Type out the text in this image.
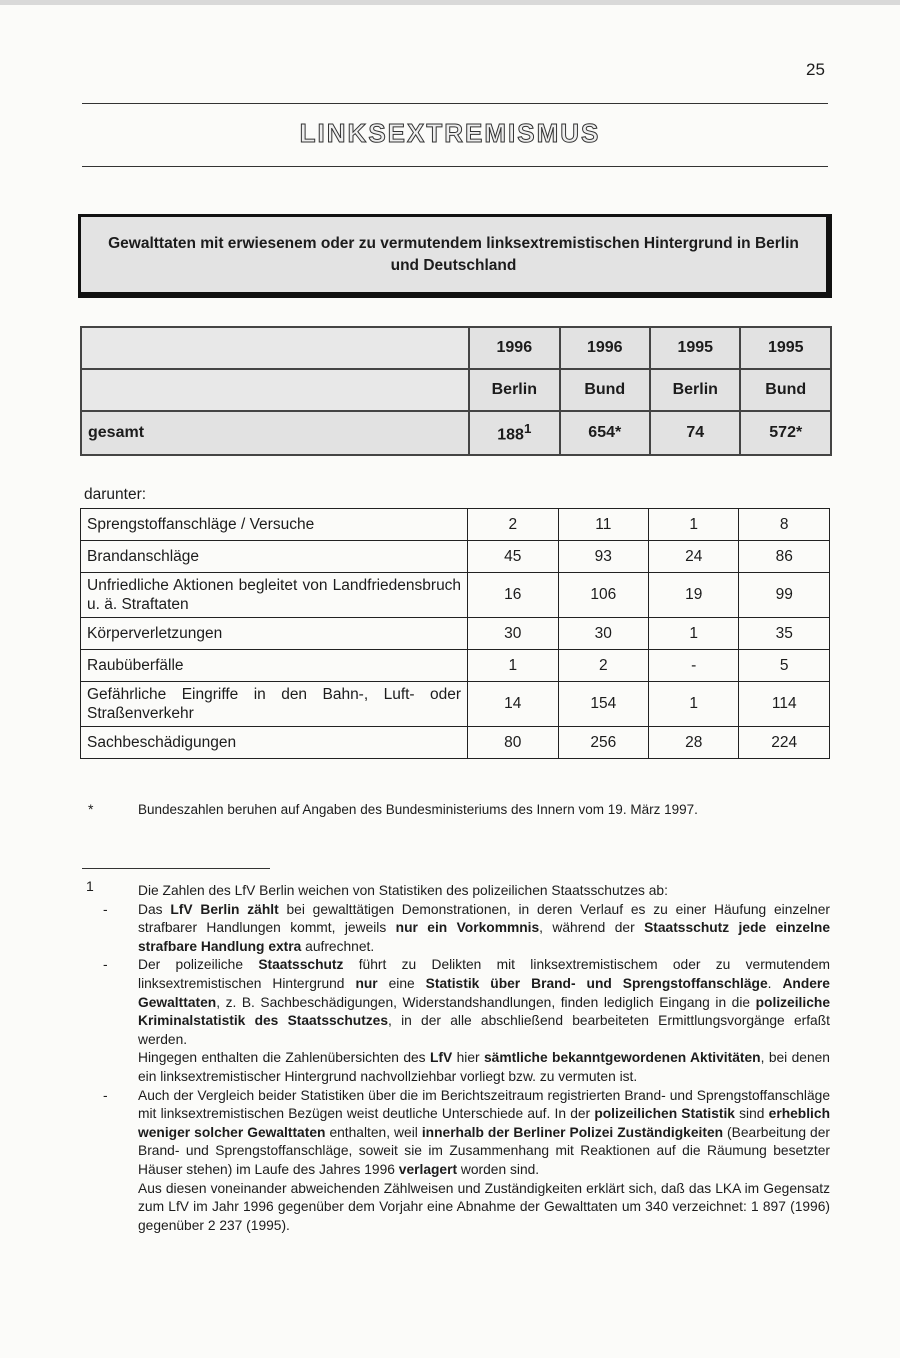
25
LINKSEXTREMISMUS
Gewalttaten mit erwiesenem oder zu vermutendem linksextremistischen Hintergrund in Berlin und Deutschland
	1996	1996	1995	1995
	Berlin	Bund	Berlin	Bund
gesamt	$188^1$	654*	74	572*
darunter:
Sprengstoffanschläge / Versuche	2	11	1	8
Brandanschläge	45	93	24	86
Unfriedliche Aktionen begleitet von Landfriedensbruch u. ä. Straftaten	16	106	19	99
Körperverletzungen	30	30	1	35
Raubüberfälle	1	2	-	5
Gefährliche Eingriffe in den Bahn-, Luft- oder Straßenverkehr	14	154	1	114
Sachbeschädigungen	80	256	28	224
*	Bundeszahlen beruhen auf Angaben des Bundesministeriums des Innern vom 19. März 1997.
1	Die Zahlen des LfV Berlin weichen von Statistiken des polizeilichen Staatsschutzes ab:

- Das LfV Berlin zählt bei gewalttätigen Demonstrationen, in deren Verlauf es zu einer Häufung einzelner strafbarer Handlungen kommt, jeweils nur ein Vorkommnis, während der Staatsschutz jede einzelne strafbare Handlung extra aufrechnet.

- Der polizeiliche Staatsschutz führt zu Delikten mit linksextremistischem oder zu vermutendem linksextremistischen Hintergrund nur eine Statistik über Brand- und Sprengstoffanschläge. Andere Gewalttaten, z. B. Sachbeschädigungen, Widerstandshandlungen, finden lediglich Eingang in die polizeiliche Kriminalstatistik des Staatsschutzes, in der alle abschließend bearbeiteten Ermittlungsvorgänge erfaßt werden.

Hingegen enthalten die Zahlenübersichten des LfV hier sämtliche bekanntgewordenen Aktivitäten, bei denen ein linksextremistischer Hintergrund nachvollziehbar vorliegt bzw. zu vermuten ist.

- Auch der Vergleich beider Statistiken über die im Berichtszeitraum registrierten Brand- und Sprengstoffanschläge mit linksextremistischen Bezügen weist deutliche Unterschiede auf. In der polizeilichen Statistik sind erheblich weniger solcher Gewalttaten enthalten, weil innerhalb der Berliner Polizei Zuständigkeiten (Bearbeitung der Brand- und Sprengstoffanschläge, soweit sie im Zusammenhang mit Reaktionen auf die Räumung besetzter Häuser stehen) im Laufe des Jahres 1996 verlagert worden sind.

Aus diesen voneinander abweichenden Zählweisen und Zuständigkeiten erklärt sich, daß das LKA im Gegensatz zum LfV im Jahr 1996 gegenüber dem Vorjahr eine Abnahme der Gewalttaten um 340 verzeichnet: 1 897 (1996) gegenüber 2 237 (1995).
